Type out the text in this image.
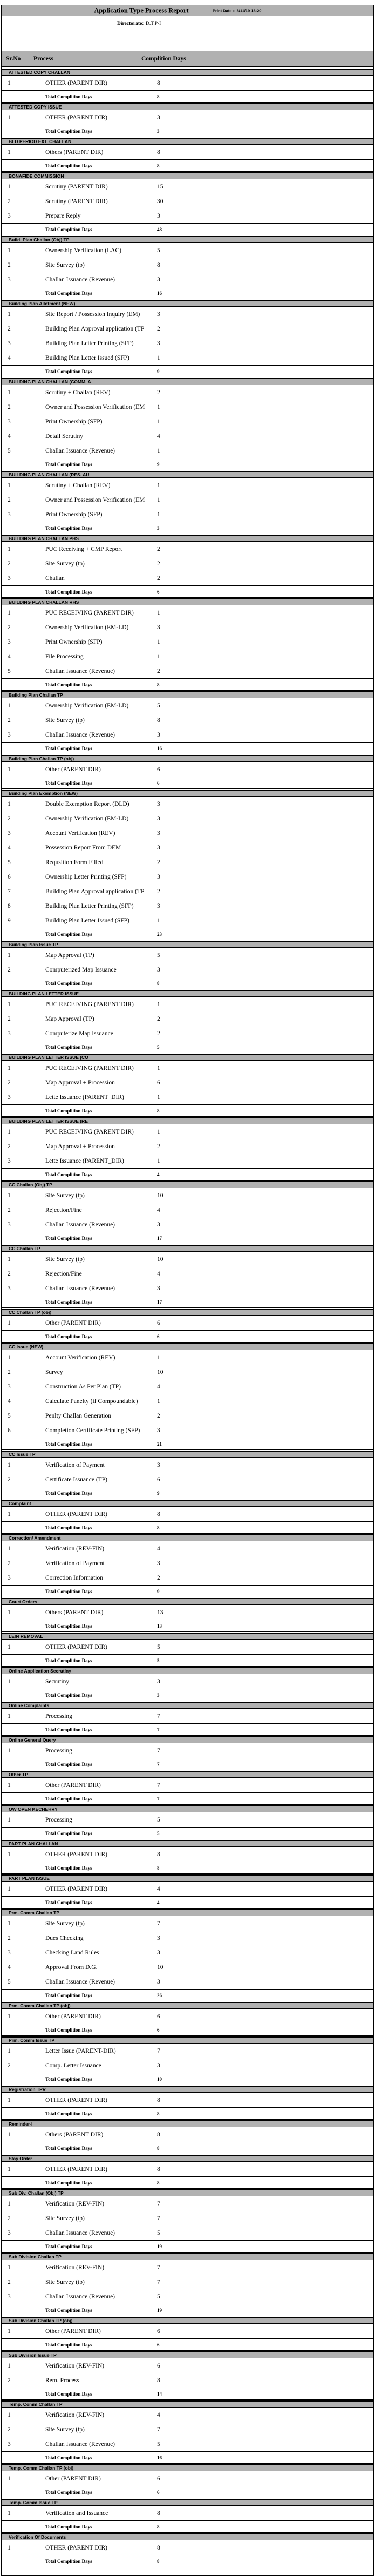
Application Type Process Report	Print Date :: 8/11/19 18:20
Directorate: D.T.P-I
Sr.No Process	Complition Days
ATTESTED COPY CHALLAN
1	OTHER (PARENT DIR)	8
Total Complition Days	8
ATTESTED COPY ISSUE
1	OTHER (PARENT DIR)	3
Total Complition Days	3
BLD PERIOD EXT. CHALLAN
1	Others (PARENT DIR)	8
Total Complition Days	8
BONAFIDE COMMISSION
1	Scrutiny (PARENT DIR)	15
2	Scrutiny (PARENT DIR)	30
3	Prepare Reply	3
Total Complition Days	48
Build. Plan Challan (Obj) TP
1	Ownership Verification (LAC)	5
2	Site Survey (tp)	8
3	Challan Issuance (Revenue)	3
Total Complition Days	16
Building Plan Allotment (NEW)
1	Site Report / Possession Inquiry (EM)	3
2	Building Plan Approval application (TP 2
3	Building Plan Letter Printing (SFP)	3
4	Building Plan Letter Issued (SFP)	1
Total Complition Days	9
BUILDING PLAN CHALLAN (COMM. A
1	Scrutiny + Challan (REV)	2
2	Owner and Possession Verification (EM 1
3	Print Ownership (SFP)	1
4	Detail Scrutiny	4
5	Challan Issuance (Revenue)	1
Total Complition Days	9
BUILDING PLAN CHALLAN (RES. AU
1	Scrutiny + Challan (REV)	1
2	Owner and Possession Verification (EM 1
3	Print Ownership (SFP)	1
Total Complition Days	3
BUILDING PLAN CHALLAN PHS
1	PUC Receiving + CMP Report	2
2	Site Survey (tp)	2
3	Challan	2
Total Complition Days	6
BUILDING PLAN CHALLAN RHS
1	PUC RECEIVING (PARENT DIR)	1
2	Ownership Verification (EM-LD)	3
3	Print Ownership (SFP)	1
4	File Processing	1
5	Challan Issuance (Revenue)	2
Total Complition Days	8
Building Plan Challan TP
1	Ownership Verification (EM-LD)	5
2	Site Survey (tp)	8
3	Challan Issuance (Revenue)	3
Total Complition Days	16
Building Plan Challan TP (obj)
1	Other (PARENT DIR)	6
Total Complition Days	6
Building Plan Exemption (NEW)
1	Double Exemption Report (DLD)	3
2	Ownership Verification (EM-LD)	3
3	Account Verification (REV)	3
4	Possession Report From DEM	3
5	Requsition Form Filled	2
6	Ownership Letter Printing (SFP)	3
7	Building Plan Approval application (TP 2
8	Building Plan Letter Printing (SFP)	3
9	Building Plan Letter Issued (SFP)	1
Total Complition Days	23
Building Plan Issue TP
1	Map Approval (TP)	5
2	Computerized Map Issuance	3
Total Complition Days	8
BUILDING PLAN LETTER ISSUE
1	PUC RECEIVING (PARENT DIR)	1
2	Map Approval (TP)	2
3	Computerize Map Issuance	2
Total Complition Days	5
BUILDING PLAN LETTER ISSUE (CO
1	PUC RECEIVING (PARENT DIR)	1
2	Map Approval + Procession	6
3	Lette Issuance (PARENT_DIR)	1
Total Complition Days	8
BUILDING PLAN LETTER ISSUE (RE
1	PUC RECEIVING (PARENT DIR)	1
2	Map Approval + Procession	2
3	Lette Issuance (PARENT_DIR)	1
Total Complition Days	4
CC Challan (Obj) TP
1	Site Survey (tp)	10
2	Rejection/Fine	4
3	Challan Issuance (Revenue)	3
Total Complition Days	17
CC Challan TP
1	Site Survey (tp)	10
2	Rejection/Fine	4
3	Challan Issuance (Revenue)	3
Total Complition Days	17
CC Challan TP (obj)
1	Other (PARENT DIR)	6
Total Complition Days	6
CC Issue (NEW)
1	Account Verification (REV)	1
2	Survey	10
3	Construction As Per Plan (TP)	4
4	Calculate Panelty (if Compoundable)	1
5	Penlty Challan Generation	2
6	Completion Certificate Printing (SFP)	3
Total Complition Days	21
CC Issue TP
1	Verification of Payment	3
2	Certificate Issuance (TP)	6
Total Complition Days	9
Complaint
1	OTHER (PARENT DIR)	8
Total Complition Days	8
Correction/ Amendment
1	Verification (REV-FIN)	4
2	Verification of Payment	3
3	Correction Information	2
Total Complition Days	9
Court Orders
1	Others (PARENT DIR)	13
Total Complition Days	13
LEIN REMOVAL
1	OTHER (PARENT DIR)	5
Total Complition Days	5
Online Application Secrutiny
1	Secrutiny	3
Total Complition Days	3
Online Complaints
1	Processing	7
Total Complition Days	7
Online General Query
1	Processing	7
Total Complition Days	7
Other TP
1	Other (PARENT DIR)	7
Total Complition Days	7
OW OPEN KECHEHRY
1	Processing	5
Total Complition Days	5
PART PLAN CHALLAN
1	OTHER (PARENT DIR)	8
Total Complition Days	8
PART PLAN ISSUE
1	OTHER (PARENT DIR)	4
Total Complition Days	4
Prm. Comm Challan TP
1	Site Survey (tp)	7
2	Dues Checking	3
3	Checking Land Rules	3
4	Approval From D.G.	10
5	Challan Issuance (Revenue)	3
Total Complition Days	26
Prm. Comm Challan TP (obj)
1	Other (PARENT DIR)	6
Total Complition Days	6
Prm. Comm Issue TP
1	Letter Issue (PARENT-DIR)	7
2	Comp. Letter Issuance	3
Total Complition Days	10
Registration TPR
1	OTHER (PARENT DIR)	8
Total Complition Days	8
Reminder-I
1	Others (PARENT DIR)	8
Total Complition Days	8
Stay Order
1	OTHER (PARENT DIR)	8
Total Complition Days	8
Sub Div. Challan (Obj) TP
1	Verification (REV-FIN)	7
2	Site Survey (tp)	7
3	Challan Issuance (Revenue)	5
Total Complition Days	19
Sub Division Challan TP
1	Verification (REV-FIN)	7
2	Site Survey (tp)	7
3	Challan Issuance (Revenue)	5
Total Complition Days	19
Sub Division Challan TP (obj)
1	Other (PARENT DIR)	6
Total Complition Days	6
Sub Division Issue TP
1	Verification (REV-FIN)	6
2	Rem. Process	8
Total Complition Days	14
Temp. Comm Challan TP
1	Verification (REV-FIN)	4
2	Site Survey (tp)	7
3	Challan Issuance (Revenue)	5
Total Complition Days	16
Temp. Comm Challan TP (obj)
1	Other (PARENT DIR)	6
Total Complition Days	6
Temp. Comm Issue TP
1	Verification and Issuance	8
Total Complition Days	8
Verification Of Documents
1	OTHER (PARENT DIR)	8
Total Complition Days	8
